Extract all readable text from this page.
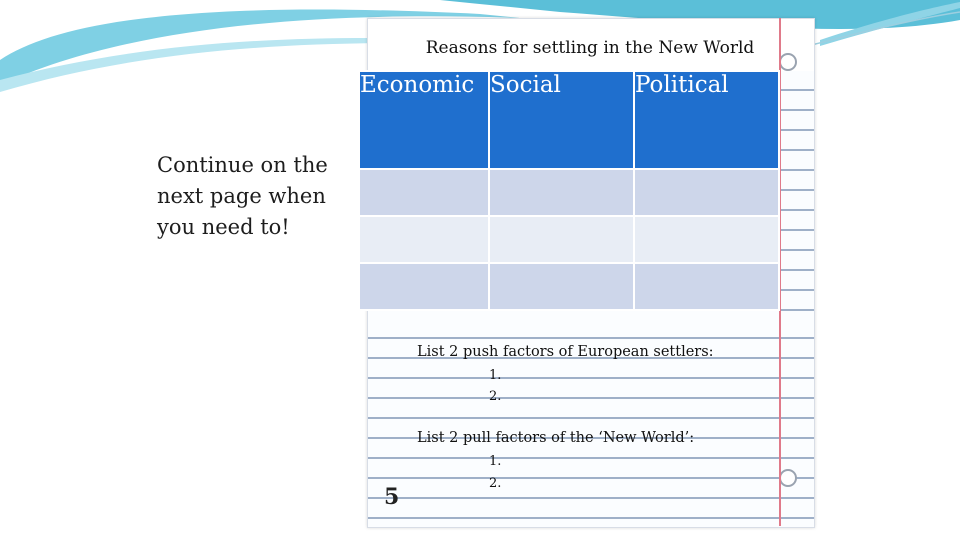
Reasons for settling in the New World
Economic	Social	Political

Continue on the next page when you need to!
List 2 push factors of European settlers:
1.
2.
List 2 pull factors of the ‘New World’:
1.
2.
5
